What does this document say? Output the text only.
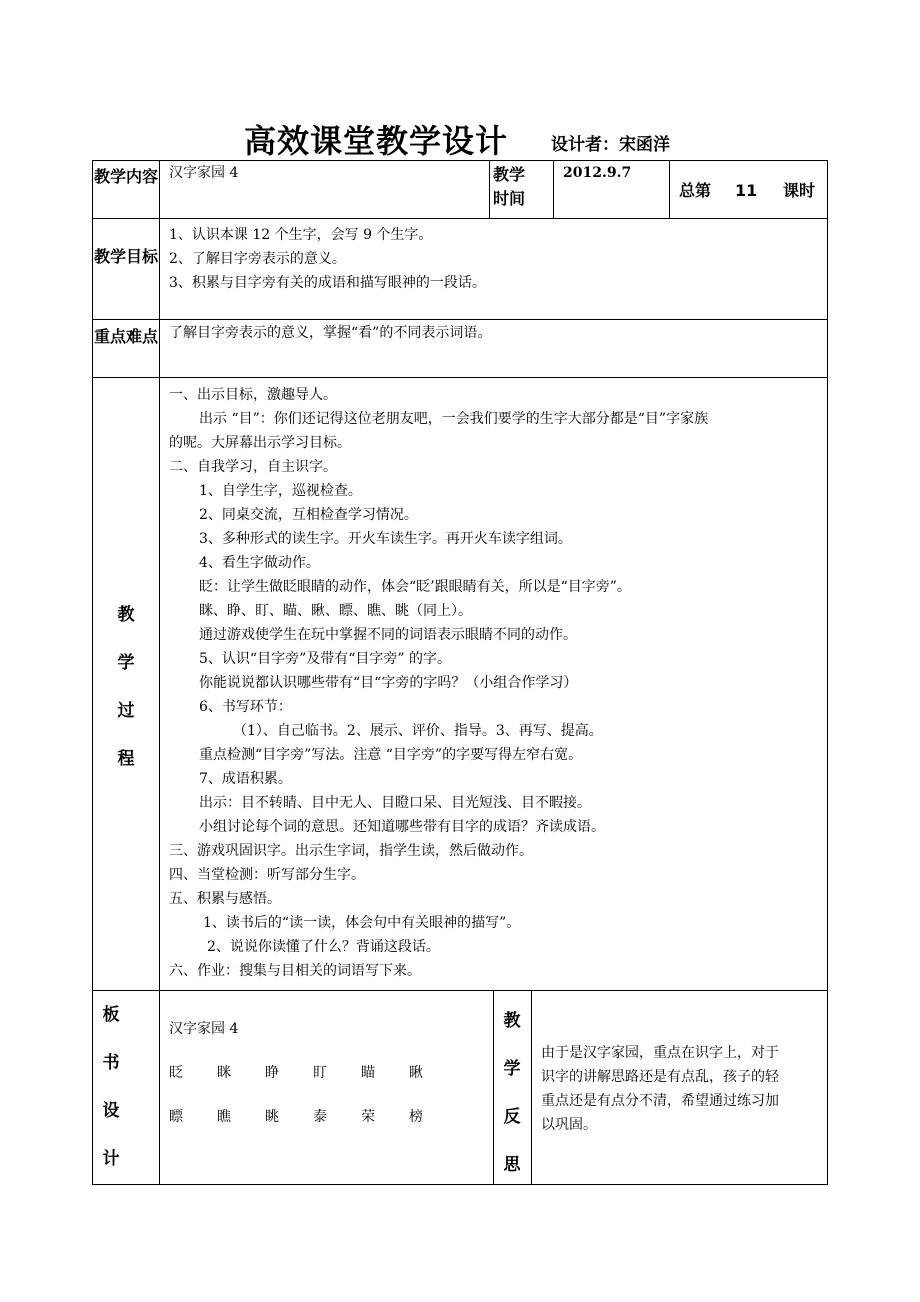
高效课堂教学设计	设计者：宋函洋
教学内容 汉字家园 4	教学时间
2012.9.7
总第 11 课时
教学目标
1、认识本课 12 个生字，会写 9 个生字。
2、了解目字旁表示的意义。
3、积累与目字旁有关的成语和描写眼神的一段话。
重点难点 了解目字旁表示的意义，掌握“看”的不同表示词语。
教
学
过
程
一、出示目标，激趣导人。
出示 “目”：你们还记得这位老朋友吧，一会我们要学的生字大部分都是“目”字家族
的呢。大屏幕出示学习目标。
二、自我学习，自主识字。
1、自学生字，巡视检查。
2、同桌交流，互相检查学习情况。
3、多种形式的读生字。开火车读生字。再开火车读字组词。
4、看生字做动作。
眨：让学生做眨眼睛的动作，体会“眨’跟眼睛有关，所以是“目字旁”。
眯、睁、盯、瞄、瞅、瞟、瞧、眺（同上）。
通过游戏使学生在玩中掌握不同的词语表示眼睛不同的动作。
5、认识“目字旁”及带有“目字旁” 的字。
你能说说都认识哪些带有“目“字旁的字吗？（小组合作学习）
6、书写环节：
（1）、自己临书。2、展示、评价、指导。3、再写、提高。
重点检测“目字旁”写法。注意 “目字旁”的字要写得左窄右宽。
7、成语积累。
出示：目不转睛、目中无人、目瞪口呆、目光短浅、目不暇接。
小组讨论每个词的意思。还知道哪些带有目字的成语？齐读成语。
三、游戏巩固识字。出示生字词，指学生读，然后做动作。
四、当堂检测：听写部分生字。
五、积累与感悟。
1、读书后的“读一读，体会句中有关眼神的描写”。
2、说说你读懂了什么？背诵这段话。
六、作业：搜集与目相关的词语写下来。
板
书
设
计
汉字家园 4
眨 眯 睁 盯 瞄 瞅
瞟 瞧 眺 泰 荣 榜
教
学
反
思
由于是汉字家园，重点在识字上，对于
识字的讲解思路还是有点乱，孩子的轻
重点还是有点分不清，希望通过练习加
以巩固。
